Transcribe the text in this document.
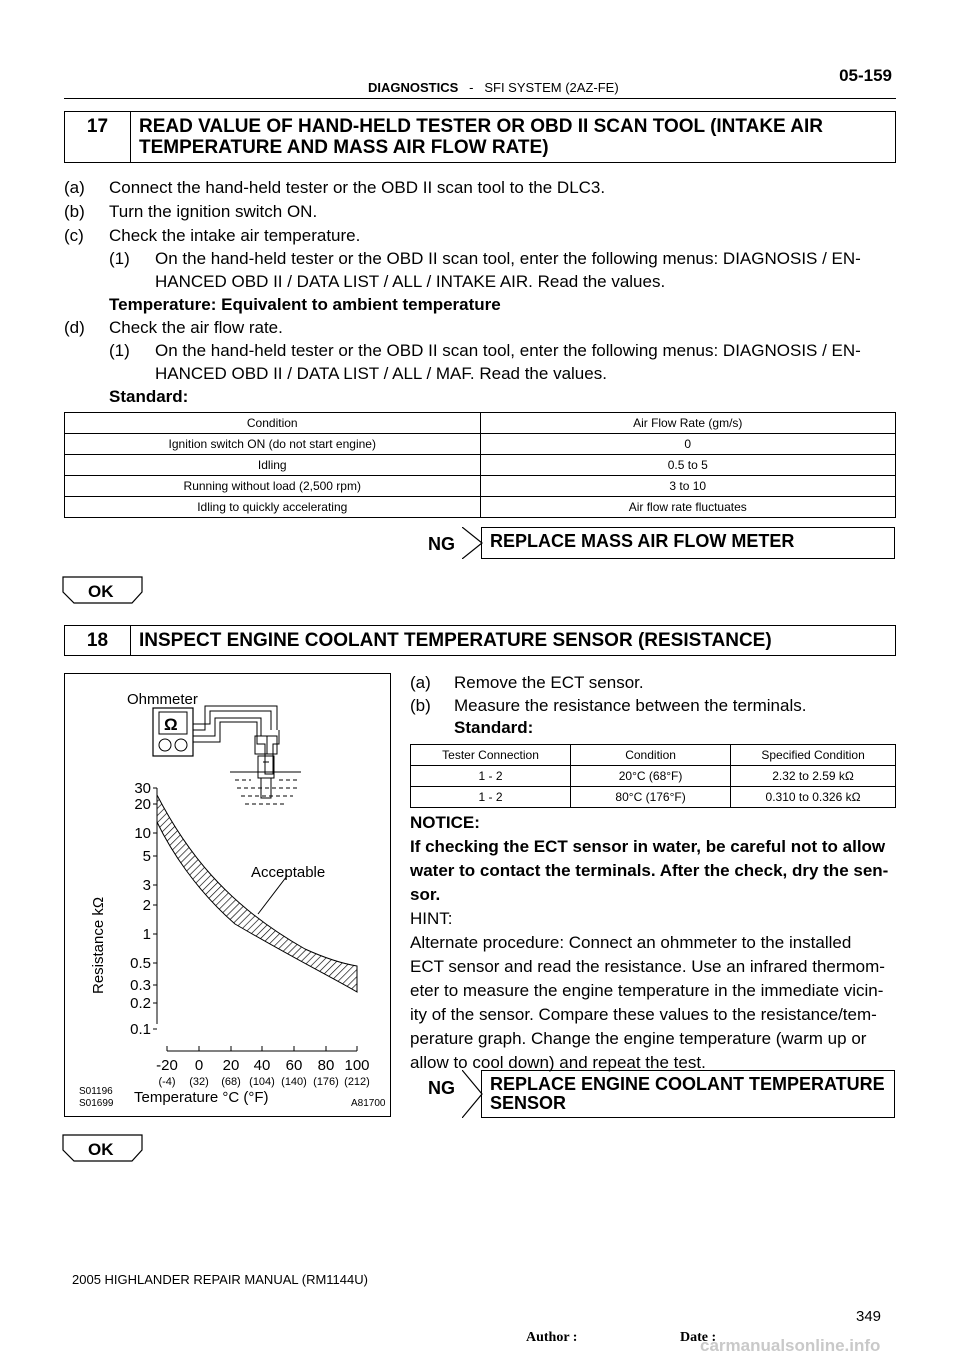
DIAGNOSTICS - SFI SYSTEM (2AZ-FE)
05-159
17	READ VALUE OF HAND-HELD TESTER OR OBD II SCAN TOOL (INTAKE AIR
TEMPERATURE AND MASS AIR FLOW RATE)
(a) Connect the hand-held tester or the OBD II scan tool to the DLC3.
(b) Turn the ignition switch ON.
(c) Check the intake air temperature.
(1) On the hand-held tester or the OBD II scan tool, enter the following menus: DIAGNOSIS / EN-
HANCED OBD II / DATA LIST / ALL / INTAKE AIR. Read the values.
Temperature: Equivalent to ambient temperature
(d) Check the air flow rate.
(1) On the hand-held tester or the OBD II scan tool, enter the following menus: DIAGNOSIS / EN-
HANCED OBD II / DATA LIST / ALL / MAF. Read the values.
Standard:
Condition	Air Flow Rate (gm/s)
Ignition switch ON (do not start engine)	0
Idling	0.5 to 5
Running without load (2,500 rpm)	3 to 10
Idling to quickly accelerating	Air flow rate fluctuates
NG	REPLACE MASS AIR FLOW METER
OK
18	INSPECT ENGINE COOLANT TEMPERATURE SENSOR (RESISTANCE)
Ohmmeter
Ω
30
20
10
5
3
2
1
0.5
0.3
0.2
0.1
-20
(-4)
0
(32)
20
(68)
40
(104)
60
(140)
80
(176)
100
(212)
Acceptable
Resistance kΩ
Temperature °C (°F)
S01196
S01699	A81700
(a) Remove the ECT sensor.
(b) Measure the resistance between the terminals.
Standard:
Tester Connection	Condition	Specified Condition
1 - 2	20°C (68°F)	2.32 to 2.59 kΩ
1 - 2	80°C (176°F)	0.310 to 0.326 kΩ
NOTICE:
If checking the ECT sensor in water, be careful not to allow
water to contact the terminals. After the check, dry the sen-
sor.
HINT:
Alternate procedure: Connect an ohmmeter to the installed
ECT sensor and read the resistance. Use an infrared thermom-
eter to measure the engine temperature in the immediate vicin-
ity of the sensor. Compare these values to the resistance/tem-
perature graph. Change the engine temperature (warm up or
allow to cool down) and repeat the test.
NG REPLACE ENGINE COOLANT TEMPERATURE
SENSOR
OK
2005 HIGHLANDER REPAIR MANUAL (RM1144U)
349
Author :	Date :
carmanualsonline.info
